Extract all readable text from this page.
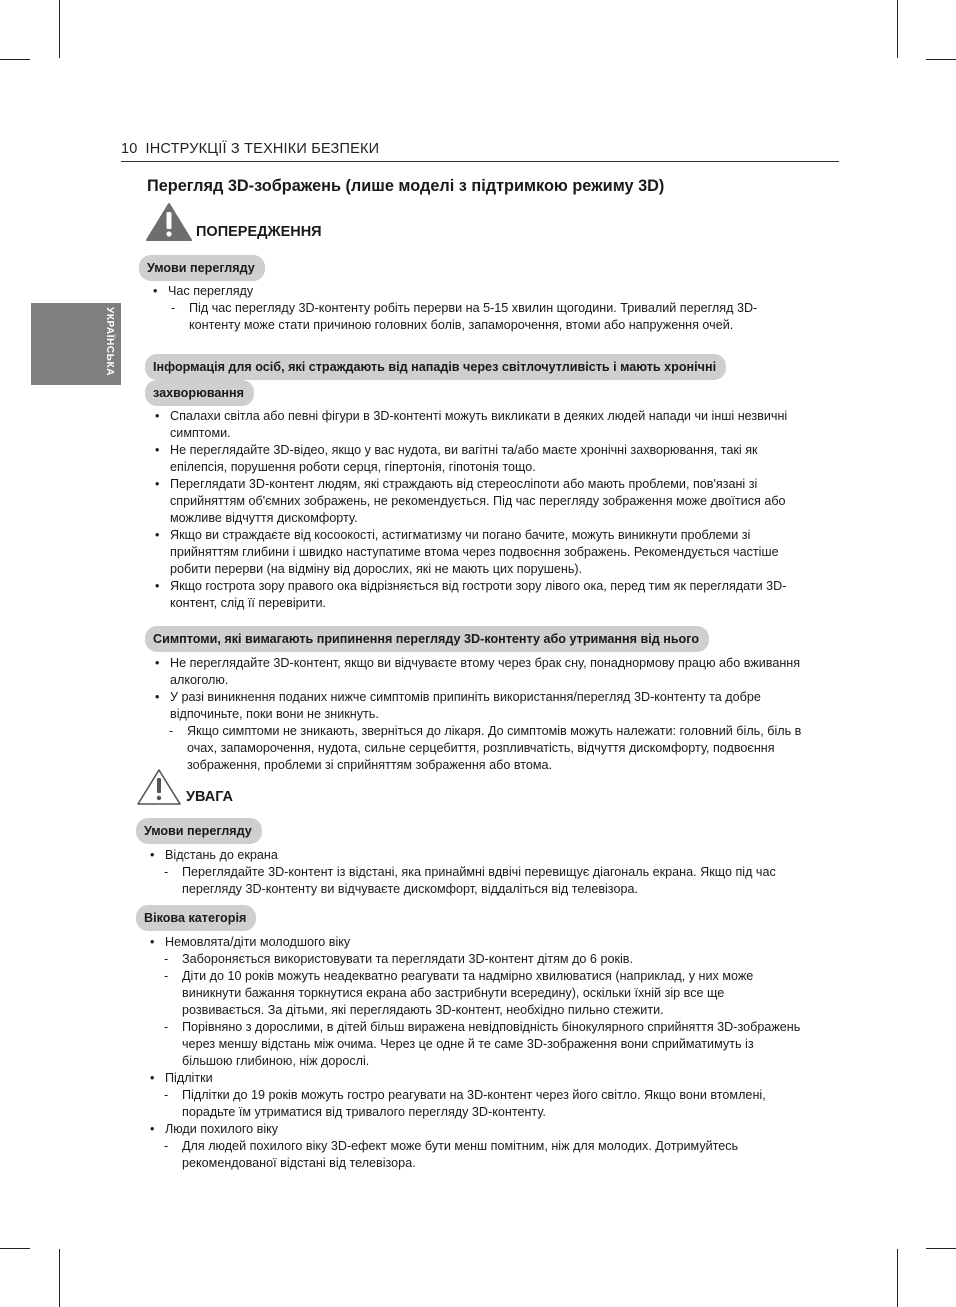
10 ІНСТРУКЦІЇ З ТЕХНІКИ БЕЗПЕКИ
УКРАЇНСЬКА
Перегляд 3D-зображень (лише моделі з підтримкою режиму 3D)
ПОПЕРЕДЖЕННЯ
Умови перегляду
• Час перегляду
- Під час перегляду 3D-контенту робіть перерви на 5-15 хвилин щогодини. Тривалий перегляд 3D-контенту може стати причиною головних болів, запаморочення, втоми або напруження очей.
Інформація для осіб, які страждають від нападів через світлочутливість і мають хронічні
захворювання
• Спалахи світла або певні фігури в 3D-контенті можуть викликати в деяких людей напади чи інші незвичні симптоми.
• Не переглядайте 3D-відео, якщо у вас нудота, ви вагітні та/або маєте хронічні захворювання, такі як епілепсія, порушення роботи серця, гіпертонія, гіпотонія тощо.
• Переглядати 3D-контент людям, які страждають від стереосліпоти або мають проблеми, пов'язані зі сприйняттям об'ємних зображень, не рекомендується. Під час перегляду зображення може двоїтися або можливе відчуття дискомфорту.
• Якщо ви страждаєте від косоокості, астигматизму чи погано бачите, можуть виникнути проблеми зі прийняттям глибини і швидко наступатиме втома через подвоєння зображень. Рекомендується частіше робити перерви (на відміну від дорослих, які не мають цих порушень).
• Якщо гострота зору правого ока відрізняється від гостроти зору лівого ока, перед тим як переглядати 3D-контент, слід її перевірити.
Симптоми, які вимагають припинення перегляду 3D-контенту або утримання від нього
• Не переглядайте 3D-контент, якщо ви відчуваєте втому через брак сну, понаднормову працю або вживання алкоголю.
• У разі виникнення поданих нижче симптомів припиніть використання/перегляд 3D-контенту та добре відпочиньте, поки вони не зникнуть.
- Якщо симптоми не зникають, зверніться до лікаря. До симптомів можуть належати: головний біль, біль в очах, запаморочення, нудота, сильне серцебиття, розпливчатість, відчуття дискомфорту, подвоєння зображення, проблеми зі сприйняттям зображення або втома.
УВАГА
Умови перегляду
• Відстань до екрана
- Переглядайте 3D-контент із відстані, яка принаймні вдвічі перевищує діагональ екрана. Якщо під час перегляду 3D-контенту ви відчуваєте дискомфорт, віддаліться від телевізора.
Вікова категорія
• Немовлята/діти молодшого віку
- Забороняється використовувати та переглядати 3D-контент дітям до 6 років.
- Діти до 10 років можуть неадекватно реагувати та надмірно хвилюватися (наприклад, у них може виникнути бажання торкнутися екрана або застрибнути всередину), оскільки їхній зір все ще розвивається. За дітьми, які переглядають 3D-контент, необхідно пильно стежити.
- Порівняно з дорослими, в дітей більш виражена невідповідність бінокулярного сприйняття 3D-зображень через меншу відстань між очима. Через це одне й те саме 3D-зображення вони сприйматимуть із більшою глибиною, ніж дорослі.
• Підлітки
- Підлітки до 19 років можуть гостро реагувати на 3D-контент через його світло. Якщо вони втомлені, порадьте їм утриматися від тривалого перегляду 3D-контенту.
• Люди похилого віку
- Для людей похилого віку 3D-ефект може бути менш помітним, ніж для молодих. Дотримуйтесь рекомендованої відстані від телевізора.
